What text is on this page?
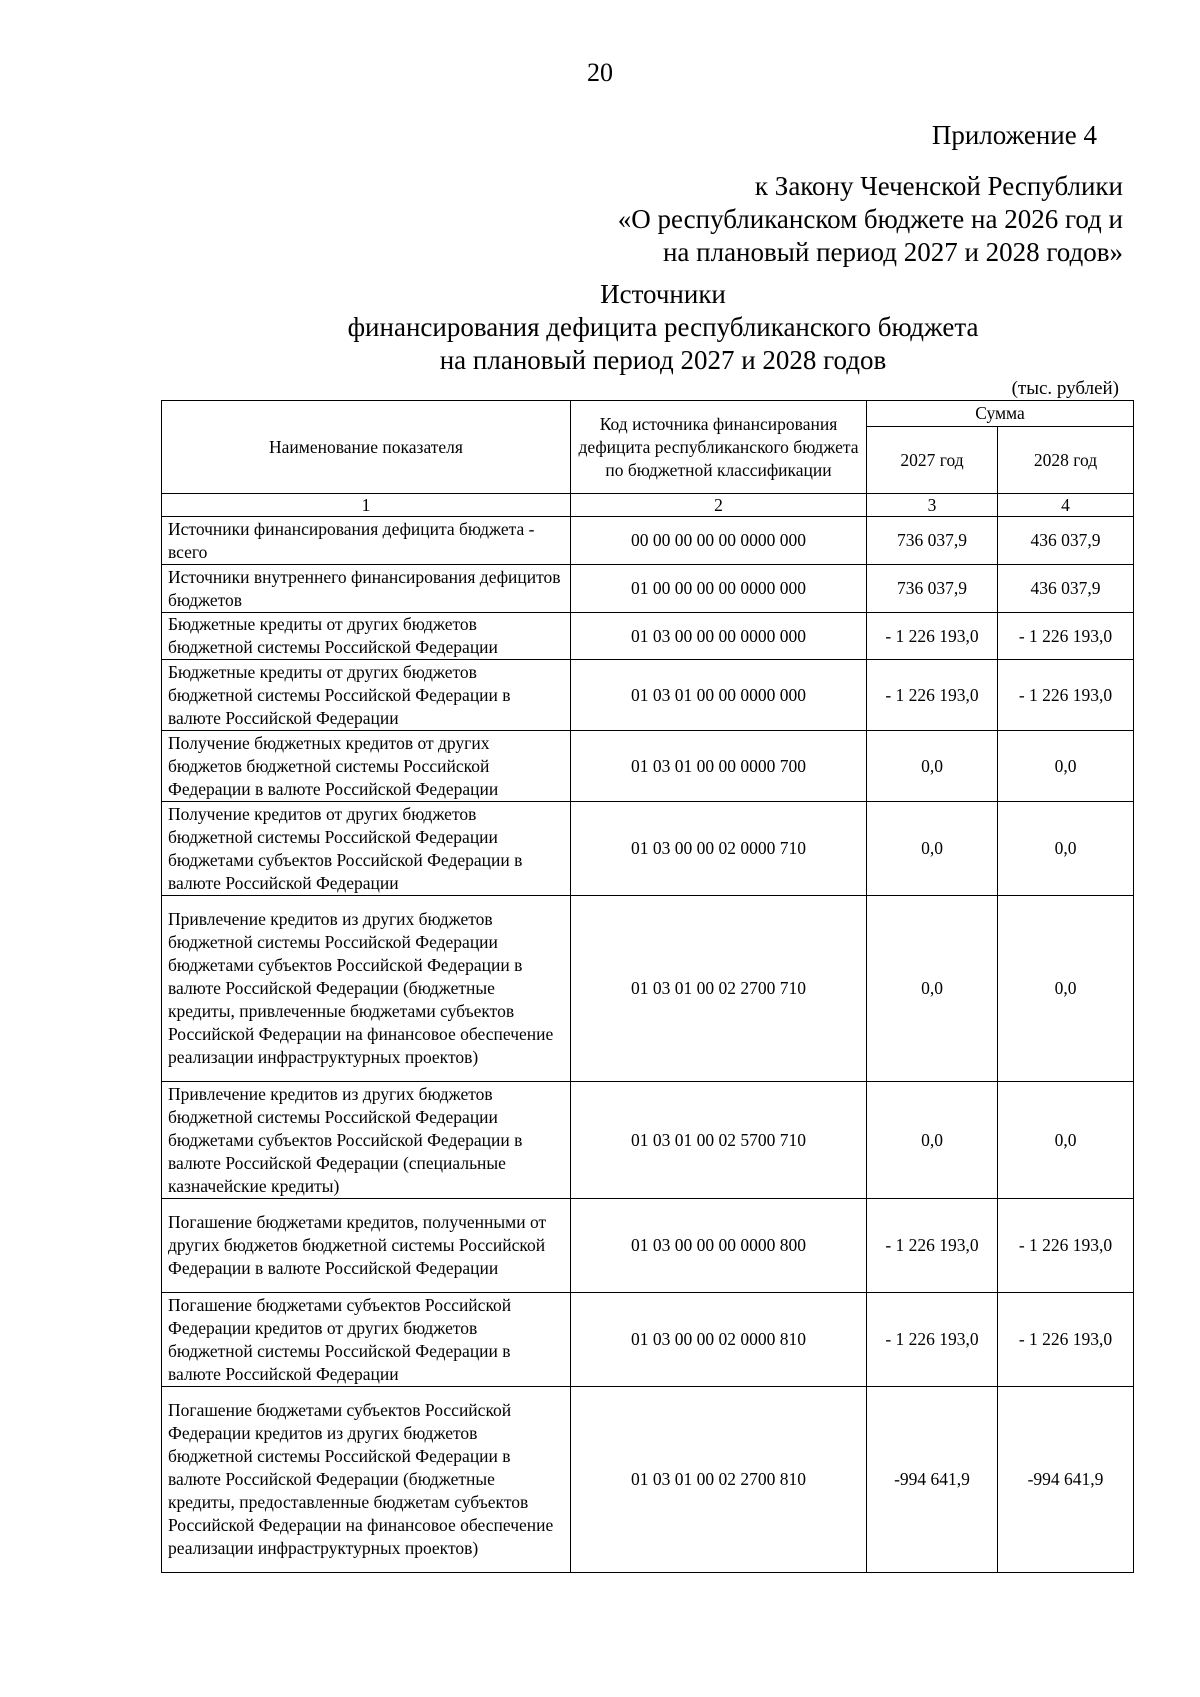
20
Приложение 4
к Закону Чеченской Республики
«О республиканском бюджете на 2026 год и
на плановый период 2027 и 2028 годов»
Источники
финансирования дефицита республиканского бюджета
на плановый период 2027 и 2028 годов
(тыс. рублей)
Наименование показателя	Код источника финансирования дефицита республиканского бюджета по бюджетной классификации	Сумма	
		2027 год	2028 год
1	2	3	4
Источники финансирования дефицита бюджета - всего	00 00 00 00 00 0000 000	736 037,9	436 037,9
Источники внутреннего финансирования дефицитов бюджетов	01 00 00 00 00 0000 000	736 037,9	436 037,9
Бюджетные кредиты от других бюджетов бюджетной системы Российской Федерации	01 03 00 00 00 0000 000	- 1 226 193,0	- 1 226 193,0
Бюджетные кредиты от других бюджетов бюджетной системы Российской Федерации в валюте Российской Федерации	01 03 01 00 00 0000 000	- 1 226 193,0	- 1 226 193,0
Получение бюджетных кредитов от других бюджетов бюджетной системы Российской Федерации в валюте Российской Федерации	01 03 01 00 00 0000 700	0,0	0,0
Получение кредитов от других бюджетов бюджетной системы Российской Федерации бюджетами субъектов Российской Федерации в валюте Российской Федерации	01 03 00 00 02 0000 710	0,0	0,0
Привлечение кредитов из других бюджетов бюджетной системы Российской Федерации бюджетами субъектов Российской Федерации в валюте Российской Федерации (бюджетные кредиты, привлеченные бюджетами субъектов Российской Федерации на финансовое обеспечение реализации инфраструктурных проектов)	01 03 01 00 02 2700 710	0,0	0,0
Привлечение кредитов из других бюджетов бюджетной системы Российской Федерации бюджетами субъектов Российской Федерации в валюте Российской Федерации (специальные казначейские кредиты)	01 03 01 00 02 5700 710	0,0	0,0
Погашение бюджетами кредитов, полученными от других бюджетов бюджетной системы Российской Федерации в валюте Российской Федерации	01 03 00 00 00 0000 800	- 1 226 193,0	- 1 226 193,0
Погашение бюджетами субъектов Российской Федерации кредитов от других бюджетов бюджетной системы Российской Федерации в валюте Российской Федерации	01 03 00 00 02 0000 810	- 1 226 193,0	- 1 226 193,0
Погашение бюджетами субъектов Российской Федерации кредитов из других бюджетов бюджетной системы Российской Федерации в валюте Российской Федерации (бюджетные кредиты, предоставленные бюджетам субъектов Российской Федерации на финансовое обеспечение реализации инфраструктурных проектов)	01 03 01 00 02 2700 810	-994 641,9	-994 641,9
